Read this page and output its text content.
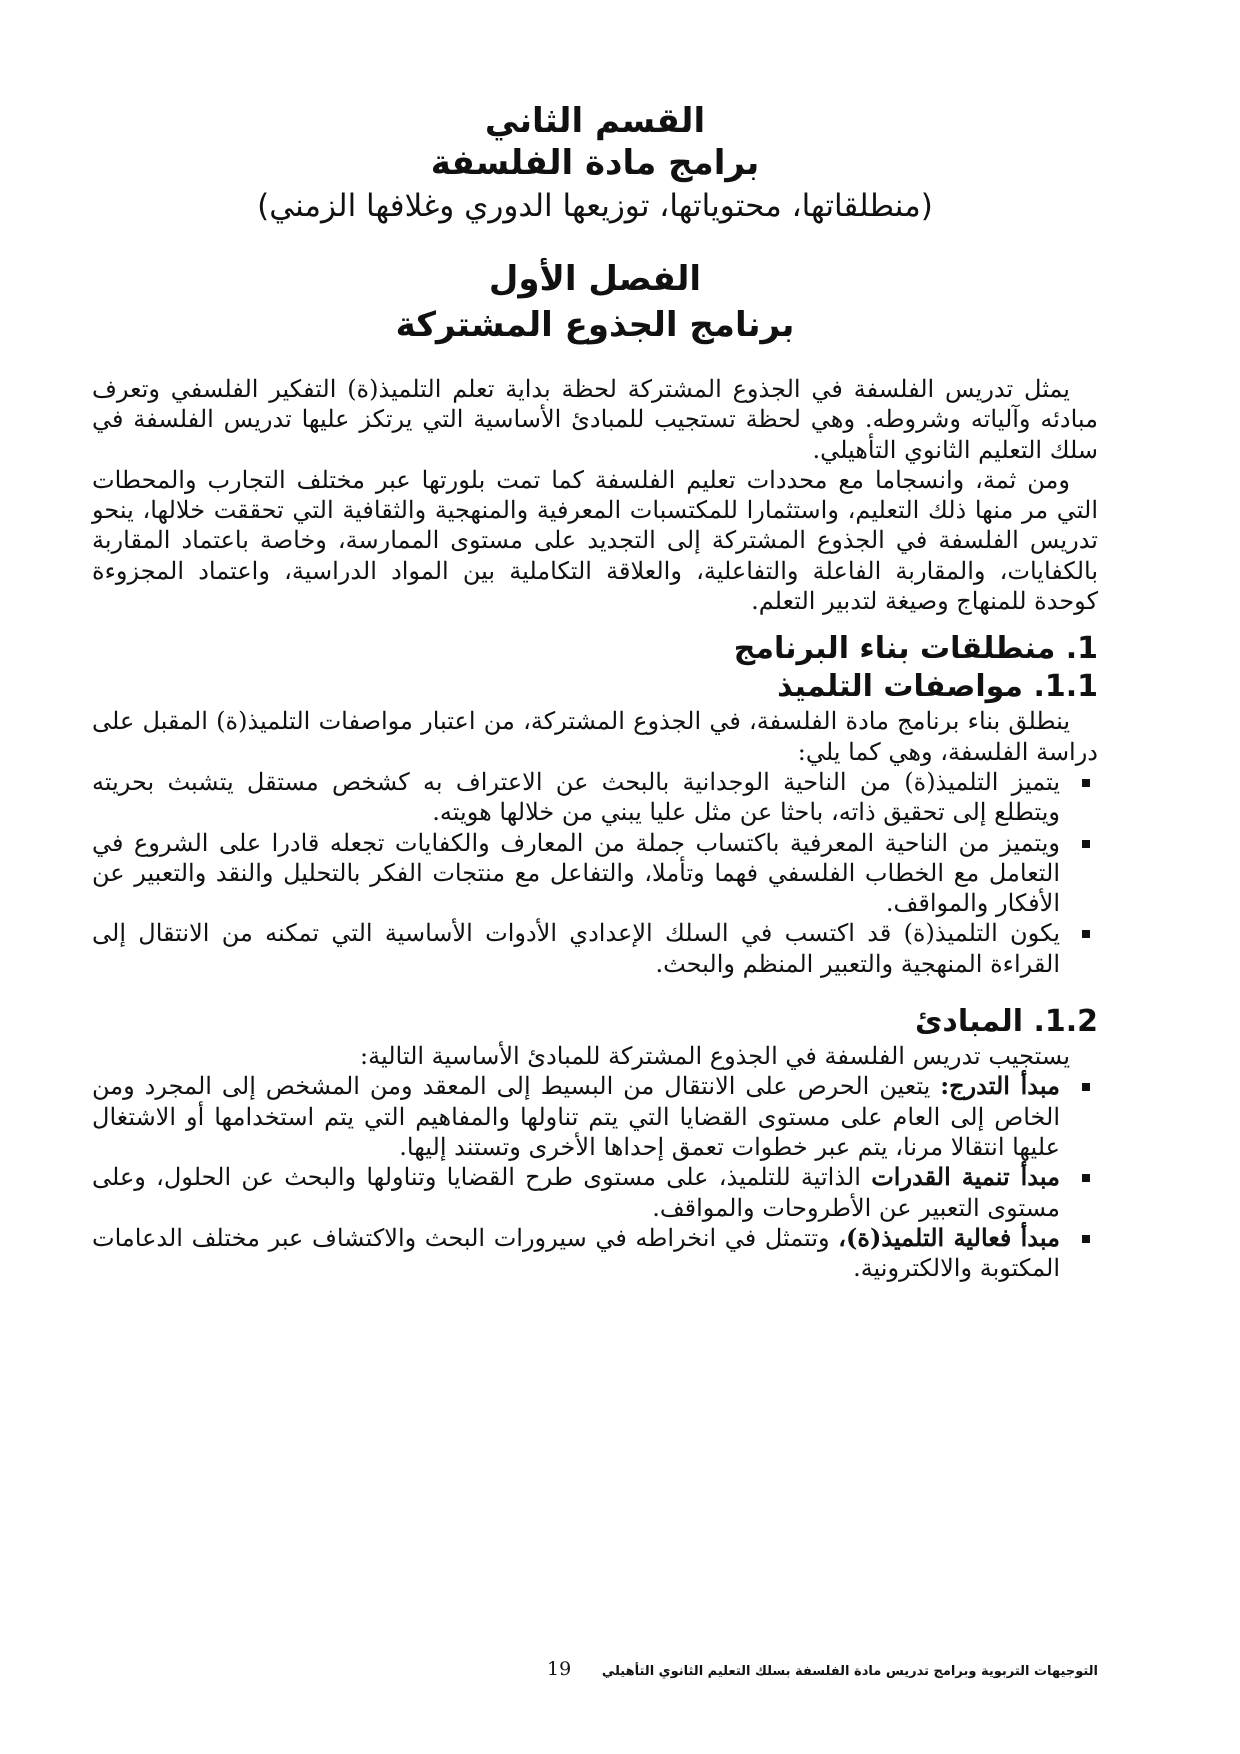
القسم الثاني
برامج مادة الفلسفة
(منطلقاتها، محتوياتها، توزيعها الدوري وغلافها الزمني)
الفصل الأول
برنامج الجذوع المشتركة

يمثل تدريس الفلسفة في الجذوع المشتركة لحظة بداية تعلم التلميذ(ة) التفكير الفلسفي وتعرف مبادئه وآلياته وشروطه. وهي لحظة تستجيب للمبادئ الأساسية التي يرتكز عليها تدريس الفلسفة في سلك التعليم الثانوي التأهيلي.

ومن ثمة، وانسجاما مع محددات تعليم الفلسفة كما تمت بلورتها عبر مختلف التجارب والمحطات التي مر منها ذلك التعليم، واستثمارا للمكتسبات المعرفية والمنهجية والثقافية التي تحققت خلالها، ينحو تدريس الفلسفة في الجذوع المشتركة إلى التجديد على مستوى الممارسة، وخاصة باعتماد المقاربة بالكفايات، والمقاربة الفاعلة والتفاعلية، والعلاقة التكاملية بين المواد الدراسية، واعتماد المجزوءة كوحدة للمنهاج وصيغة لتدبير التعلم.

1. منطلقات بناء البرنامج
1.1. مواصفات التلميذ

ينطلق بناء برنامج مادة الفلسفة، في الجذوع المشتركة، من اعتبار مواصفات التلميذ(ة) المقبل على دراسة الفلسفة، وهي كما يلي:

يتميز التلميذ(ة) من الناحية الوجدانية بالبحث عن الاعتراف به كشخص مستقل يتشبث بحريته ويتطلع إلى تحقيق ذاته، باحثا عن مثل عليا يبني من خلالها هويته.
ويتميز من الناحية المعرفية باكتساب جملة من المعارف والكفايات تجعله قادرا على الشروع في التعامل مع الخطاب الفلسفي فهما وتأملا، والتفاعل مع منتجات الفكر بالتحليل والنقد والتعبير عن الأفكار والمواقف.
يكون التلميذ(ة) قد اكتسب في السلك الإعدادي الأدوات الأساسية التي تمكنه من الانتقال إلى القراءة المنهجية والتعبير المنظم والبحث.
1.2. المبادئ

يستجيب تدريس الفلسفة في الجذوع المشتركة للمبادئ الأساسية التالية:

مبدأ التدرج: يتعين الحرص على الانتقال من البسيط إلى المعقد ومن المشخص إلى المجرد ومن الخاص إلى العام على مستوى القضايا التي يتم تناولها والمفاهيم التي يتم استخدامها أو الاشتغال عليها انتقالا مرنا، يتم عبر خطوات تعمق إحداها الأخرى وتستند إليها.
مبدأ تنمية القدرات الذاتية للتلميذ، على مستوى طرح القضايا وتناولها والبحث عن الحلول، وعلى مستوى التعبير عن الأطروحات والمواقف.
مبدأ فعالية التلميذ(ة)، وتتمثل في انخراطه في سيرورات البحث والاكتشاف عبر مختلف الدعامات المكتوبة والالكترونية.
التوجيهات التربوية وبرامج تدريس مادة الفلسفة بسلك التعليم الثانوي التأهيلي
19
